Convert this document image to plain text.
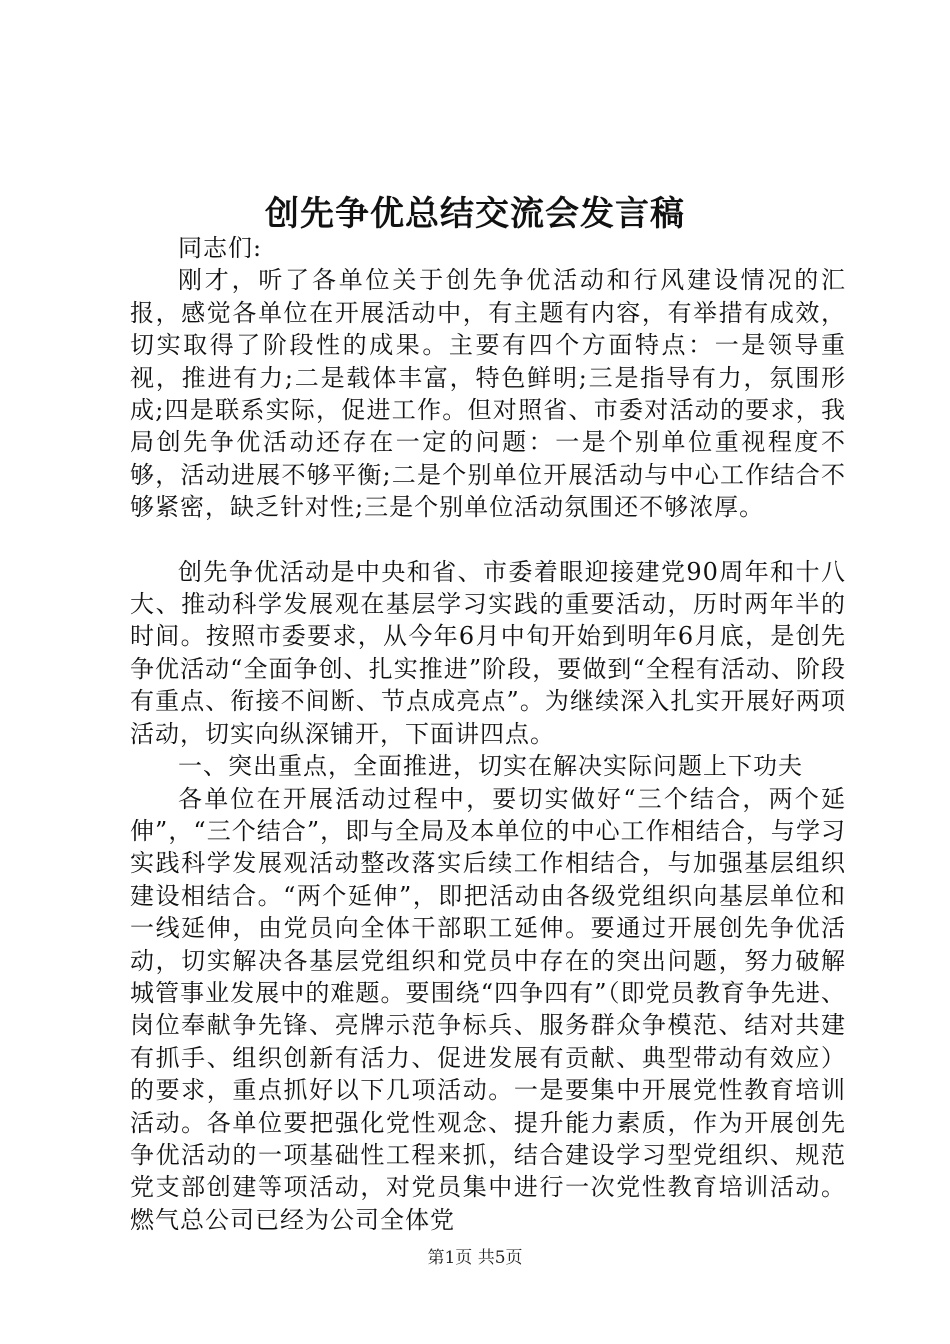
创先争优总结交流会发言稿

同志们:

刚才，听了各单位关于创先争优活动和行风建设情况的汇报，感觉各单位在开展活动中，有主题有内容，有举措有成效，切实取得了阶段性的成果。主要有四个方面特点：一是领导重视，推进有力;二是载体丰富，特色鲜明;三是指导有力，氛围形成;四是联系实际，促进工作。但对照省、市委对活动的要求，我局创先争优活动还存在一定的问题：一是个别单位重视程度不够，活动进展不够平衡;二是个别单位开展活动与中心工作结合不够紧密，缺乏针对性;三是个别单位活动氛围还不够浓厚。

创先争优活动是中央和省、市委着眼迎接建党90周年和十八大、推动科学发展观在基层学习实践的重要活动，历时两年半的时间。按照市委要求，从今年6月中旬开始到明年6月底，是创先争优活动“全面争创、扎实推进”阶段，要做到“全程有活动、阶段有重点、衔接不间断、节点成亮点”。为继续深入扎实开展好两项活动，切实向纵深铺开，下面讲四点。

一、突出重点，全面推进，切实在解决实际问题上下功夫

各单位在开展活动过程中，要切实做好“三个结合，两个延伸”，“三个结合”，即与全局及本单位的中心工作相结合，与学习实践科学发展观活动整改落实后续工作相结合，与加强基层组织建设相结合。“两个延伸”，即把活动由各级党组织向基层单位和一线延伸，由党员向全体干部职工延伸。要通过开展创先争优活动，切实解决各基层党组织和党员中存在的突出问题，努力破解城管事业发展中的难题。要围绕“四争四有”（即党员教育争先进、岗位奉献争先锋、亮牌示范争标兵、服务群众争模范、结对共建有抓手、组织创新有活力、促进发展有贡献、典型带动有效应）的要求，重点抓好以下几项活动。一是要集中开展党性教育培训活动。各单位要把强化党性观念、提升能力素质，作为开展创先争优活动的一项基础性工程来抓，结合建设学习型党组织、规范党支部创建等项活动，对党员集中进行一次党性教育培训活动。燃气总公司已经为公司全体党

第1页 共5页
